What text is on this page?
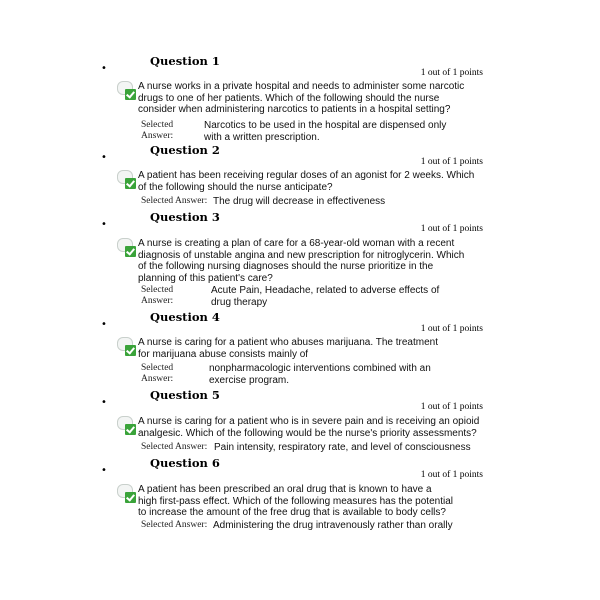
•
Question 1
1 out of 1 points
A nurse works in a private hospital and needs to administer some narcotic drugs to one of her patients. Which of the following should the nurse consider when administering narcotics to patients in a hospital setting?
Selected
Answer:
Narcotics to be used in the hospital are dispensed only with a written prescription.
•
Question 2
1 out of 1 points
A patient has been receiving regular doses of an agonist for 2 weeks. Which of the following should the nurse anticipate?
Selected Answer: The drug will decrease in effectiveness
•
Question 3
1 out of 1 points
A nurse is creating a plan of care for a 68-year-old woman with a recent diagnosis of unstable angina and new prescription for nitroglycerin. Which of the following nursing diagnoses should the nurse prioritize in the planning of this patient's care?
Selected
Answer:
Acute Pain, Headache, related to adverse effects of drug therapy
•
Question 4
1 out of 1 points
A nurse is caring for a patient who abuses marijuana. The treatment for marijuana abuse consists mainly of
Selected
Answer:
nonpharmacologic interventions combined with an exercise program.
•
Question 5
1 out of 1 points
A nurse is caring for a patient who is in severe pain and is receiving an opioid analgesic. Which of the following would be the nurse's priority assessments?
Selected Answer: Pain intensity, respiratory rate, and level of consciousness
•
Question 6
1 out of 1 points
A patient has been prescribed an oral drug that is known to have a high first-pass effect. Which of the following measures has the potential to increase the amount of the free drug that is available to body cells?
Selected Answer: Administering the drug intravenously rather than orally
